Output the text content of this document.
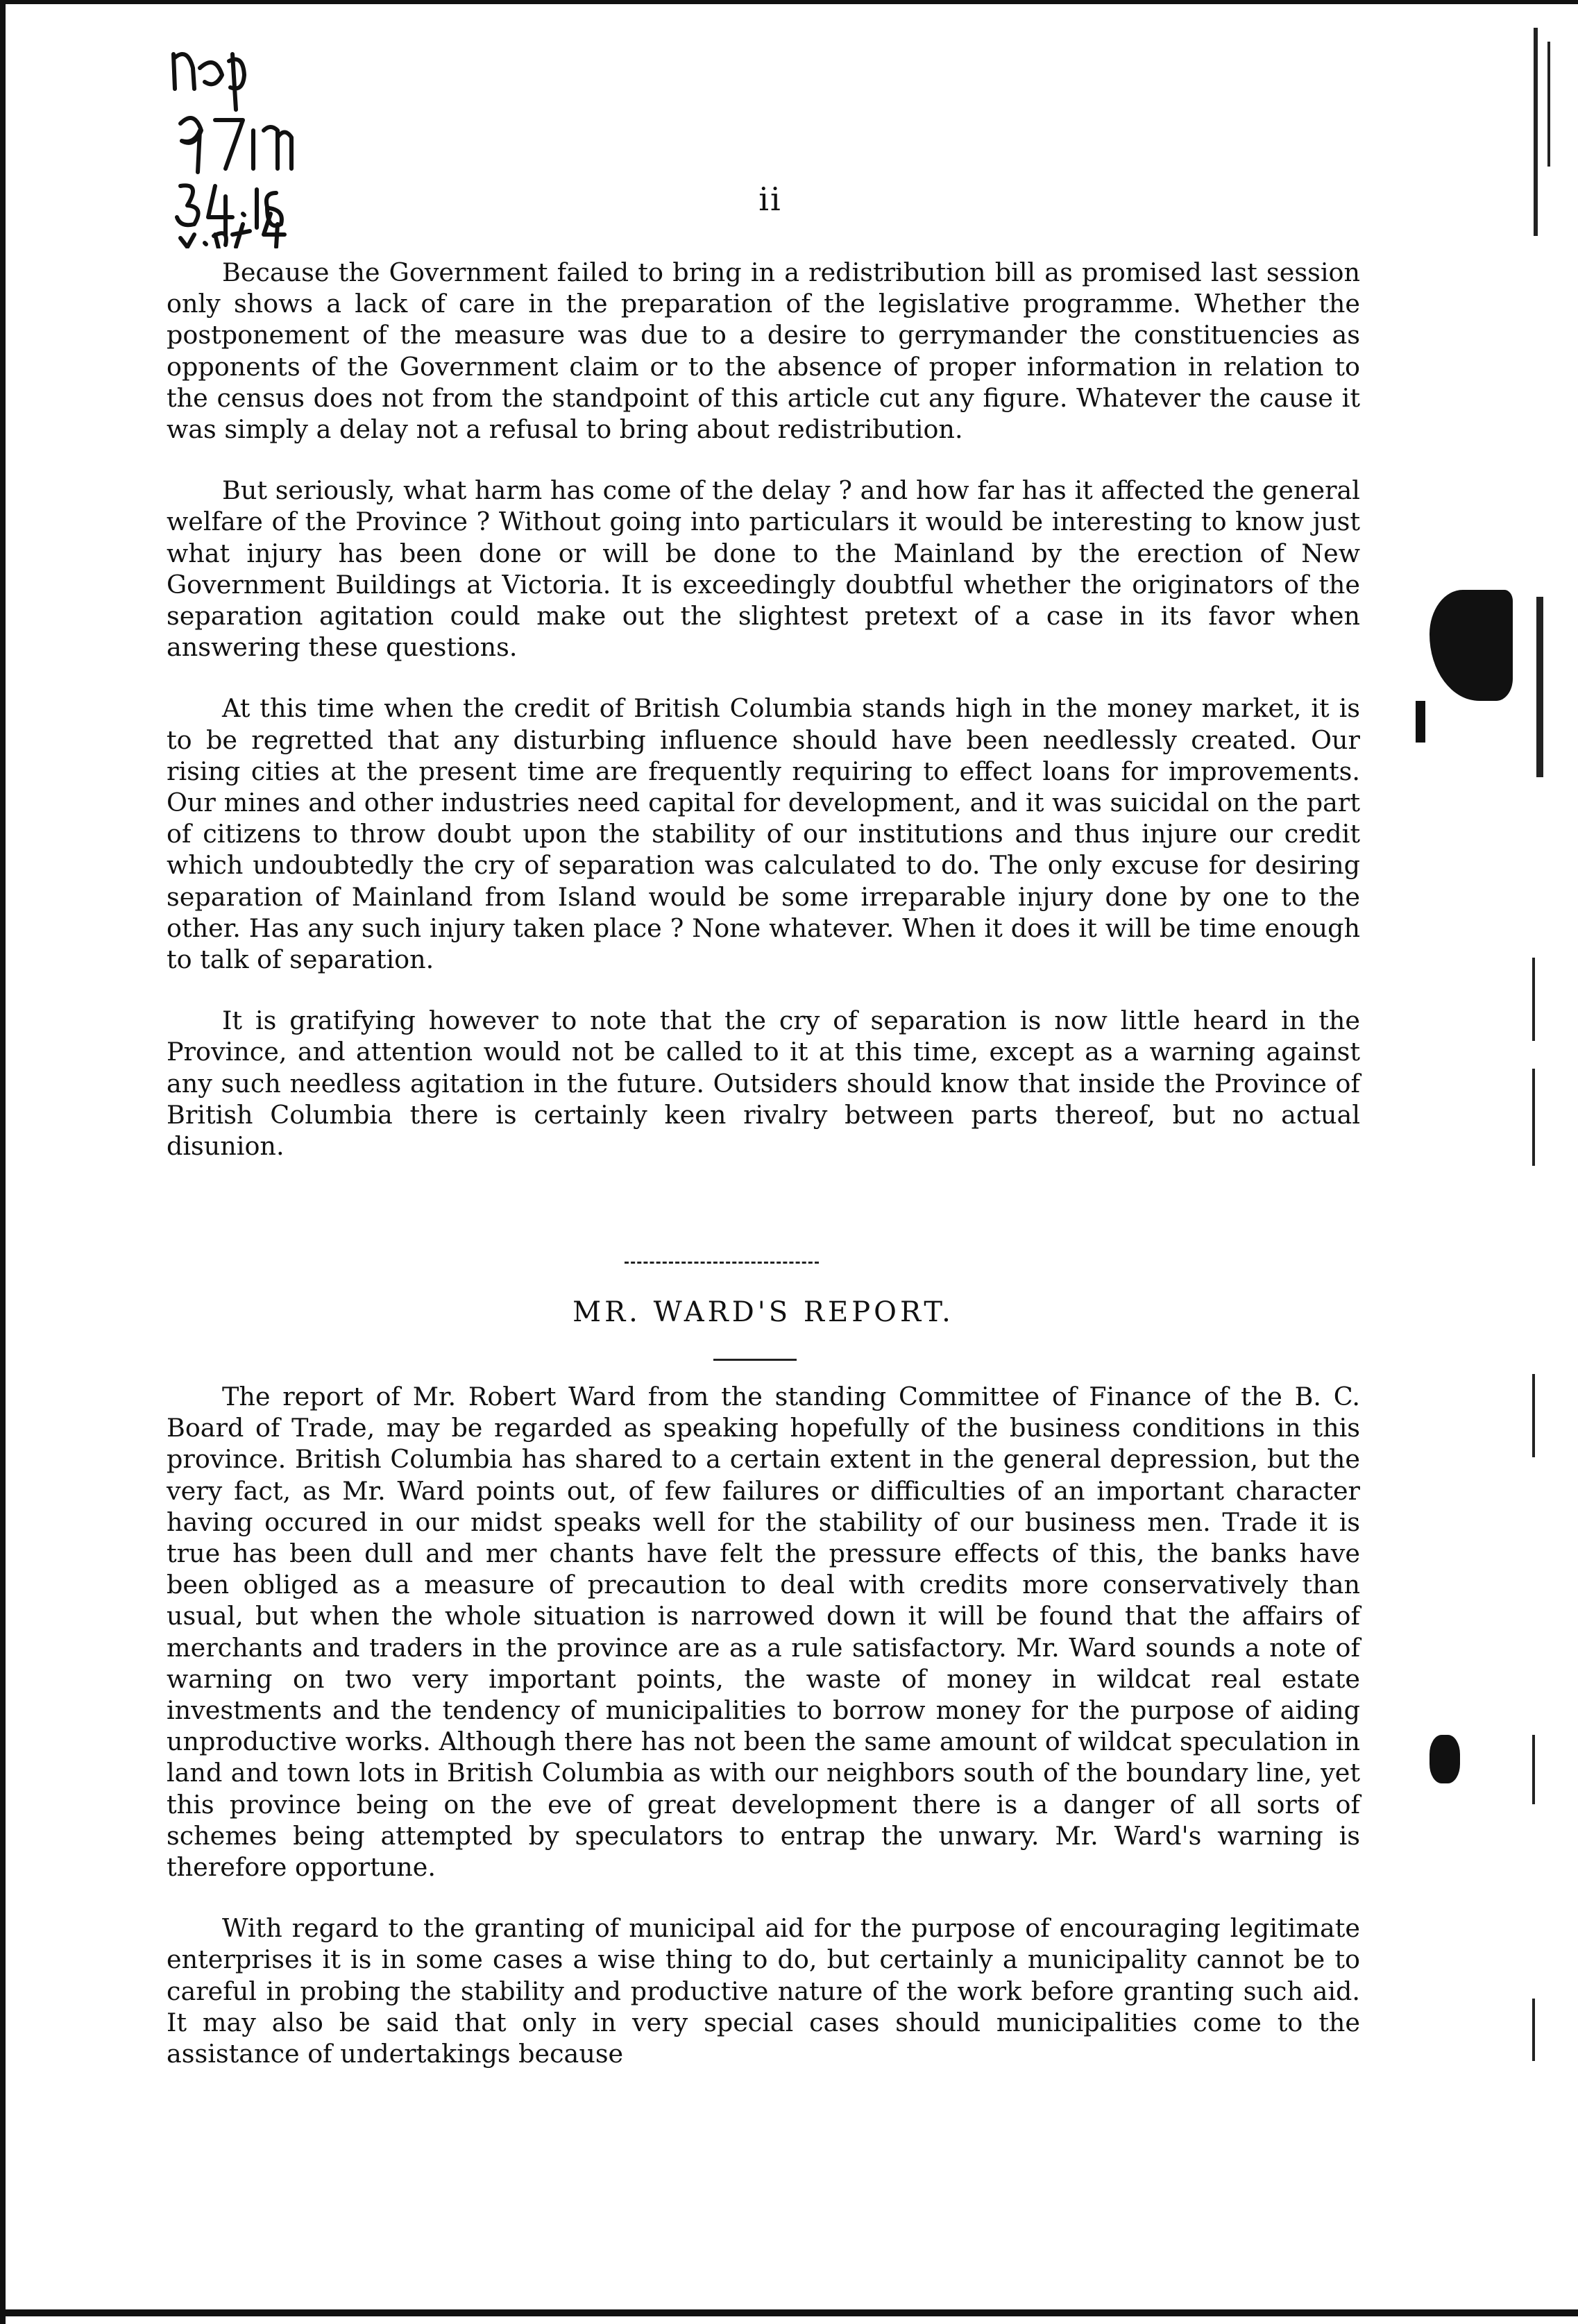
ii

Because the Government failed to bring in a redistribution bill as promised last session only shows a lack of care in the preparation of the legislative programme. Whether the postponement of the measure was due to a desire to gerrymander the constituencies as opponents of the Government claim or to the absence of proper information in relation to the census does not from the standpoint of this article cut any figure. Whatever the cause it was simply a delay not a refusal to bring about redistribution.

But seriously, what harm has come of the delay ? and how far has it affected the general welfare of the Province ? Without going into particulars it would be interesting to know just what injury has been done or will be done to the Mainland by the erection of New Government Buildings at Victoria. It is exceedingly doubtful whether the originators of the separation agitation could make out the slightest pretext of a case in its favor when answering these questions.

At this time when the credit of British Columbia stands high in the money market, it is to be regretted that any disturbing influence should have been needlessly created. Our rising cities at the present time are frequently requiring to effect loans for improvements. Our mines and other industries need capital for development, and it was suicidal on the part of citizens to throw doubt upon the stability of our institutions and thus injure our credit which undoubtedly the cry of separation was calculated to do. The only excuse for desiring separation of Mainland from Island would be some irreparable injury done by one to the other. Has any such injury taken place ? None whatever. When it does it will be time enough to talk of separation.

It is gratifying however to note that the cry of separation is now little heard in the Province, and attention would not be called to it at this time, except as a warning against any such needless agitation in the future. Outsiders should know that inside the Province of British Columbia there is certainly keen rivalry between parts thereof, but no actual disunion.

MR. WARD'S REPORT.

The report of Mr. Robert Ward from the standing Committee of Finance of the B. C. Board of Trade, may be regarded as speaking hopefully of the business conditions in this province. British Columbia has shared to a certain extent in the general depression, but the very fact, as Mr. Ward points out, of few failures or difficulties of an important character having occured in our midst speaks well for the stability of our business men. Trade it is true has been dull and mer chants have felt the pressure effects of this, the banks have been obliged as a measure of precaution to deal with credits more conservatively than usual, but when the whole situation is narrowed down it will be found that the affairs of merchants and traders in the province are as a rule satisfactory. Mr. Ward sounds a note of warning on two very important points, the waste of money in wildcat real estate investments and the tendency of municipalities to borrow money for the purpose of aiding unproductive works. Although there has not been the same amount of wildcat speculation in land and town lots in British Columbia as with our neighbors south of the boundary line, yet this province being on the eve of great development there is a danger of all sorts of schemes being attempted by speculators to entrap the unwary. Mr. Ward's warning is therefore opportune.

With regard to the granting of municipal aid for the purpose of encouraging legitimate enterprises it is in some cases a wise thing to do, but certainly a municipality cannot be to careful in probing the stability and productive nature of the work before granting such aid. It may also be said that only in very special cases should municipalities come to the assistance of undertakings because
